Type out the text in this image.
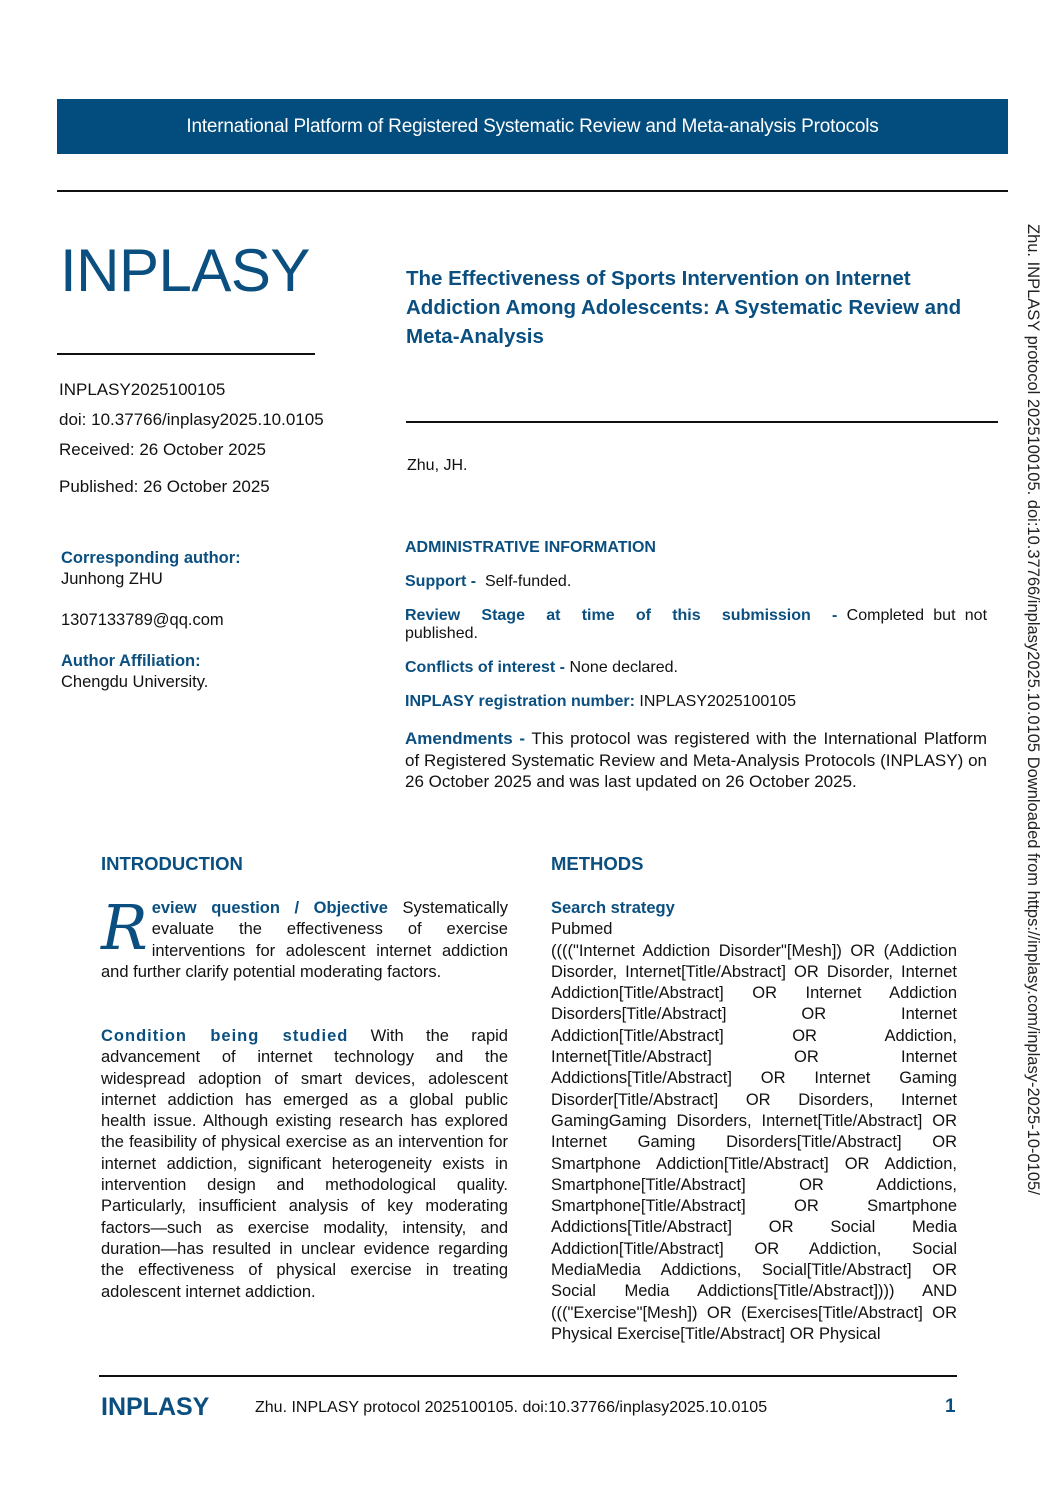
International Platform of Registered Systematic Review and Meta-analysis Protocols
INPLASY
INPLASY2025100105
doi: 10.37766/inplasy2025.10.0105
Received: 26 October 2025
Published: 26 October 2025
The Effectiveness of Sports Intervention on Internet Addiction Among Adolescents: A Systematic Review and Meta-Analysis
Zhu, JH.
Corresponding author:
Junhong ZHU
1307133789@qq.com
Author Affiliation:
Chengdu University.
ADMINISTRATIVE INFORMATION
Support - Self-funded.
Review Stage at time of this submission - Completed but not published.
Conflicts of interest - None declared.
INPLASY registration number: INPLASY2025100105
Amendments - This protocol was registered with the International Platform of Registered Systematic Review and Meta-Analysis Protocols (INPLASY) on 26 October 2025 and was last updated on 26 October 2025.
INTRODUCTION
R eview question / Objective Systematically evaluate the effectiveness of exercise interventions for adolescent internet addiction and further clarify potential moderating factors.
Condition being studied With the rapid advancement of internet technology and the widespread adoption of smart devices, adolescent internet addiction has emerged as a global public health issue. Although existing research has explored the feasibility of physical exercise as an intervention for internet addiction, significant heterogeneity exists in intervention design and methodological quality. Particularly, insufficient analysis of key moderating factors—such as exercise modality, intensity, and duration—has resulted in unclear evidence regarding the effectiveness of physical exercise in treating adolescent internet addiction.
METHODS
Search strategy
Pubmed
(((("Internet Addiction Disorder"[Mesh]) OR (Addiction Disorder, Internet[Title/Abstract] OR Disorder, Internet Addiction[Title/Abstract] OR Internet Addiction Disorders[Title/Abstract] OR Internet Addiction[Title/Abstract] OR Addiction, Internet[Title/Abstract] OR Internet Addictions[Title/Abstract] OR Internet Gaming Disorder[Title/Abstract] OR Disorders, Internet GamingGaming Disorders, Internet[Title/Abstract] OR Internet Gaming Disorders[Title/Abstract] OR Smartphone Addiction[Title/Abstract] OR Addiction, Smartphone[Title/Abstract] OR Addictions, Smartphone[Title/Abstract] OR Smartphone Addictions[Title/Abstract] OR Social Media Addiction[Title/Abstract] OR Addiction, Social MediaMedia Addictions, Social[Title/Abstract] OR Social Media Addictions[Title/Abstract]))) AND ((("Exercise"[Mesh]) OR (Exercises[Title/Abstract] OR Physical Exercise[Title/Abstract] OR Physical
Zhu. INPLASY protocol 2025100105. doi:10.37766/inplasy2025.10.0105 Downloaded from https://inplasy.com/inplasy-2025-10-0105/
INPLASY	Zhu. INPLASY protocol 2025100105. doi:10.37766/inplasy2025.10.0105	1
